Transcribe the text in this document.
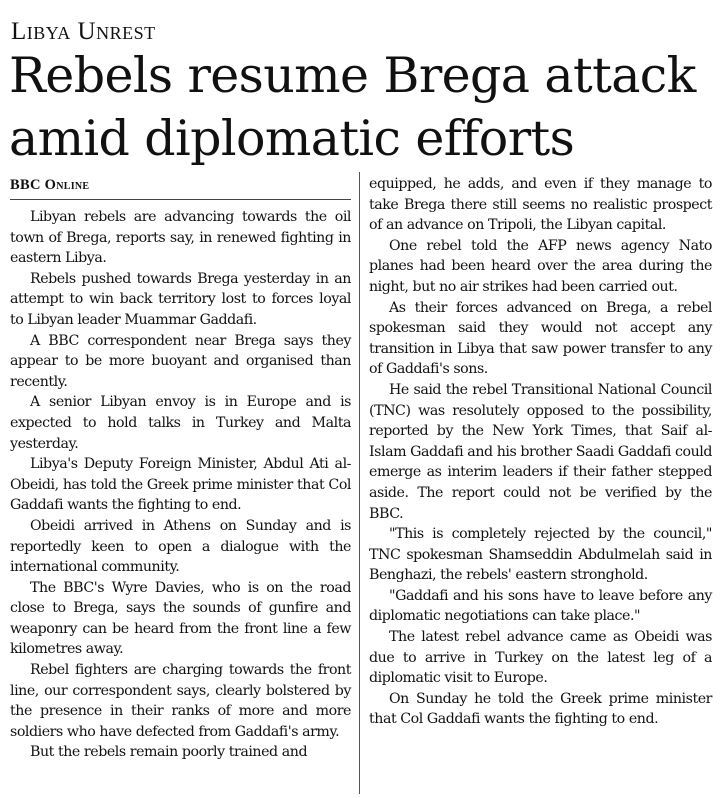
Libya Unrest
Rebels resume Brega attack
amid diplomatic efforts
BBC Online

Libyan rebels are advancing towards the oil town of Brega, reports say, in renewed fighting in eastern Libya.

Rebels pushed towards Brega yesterday in an attempt to win back territory lost to forces loyal to Libyan leader Muammar Gaddafi.

A BBC correspondent near Brega says they appear to be more buoyant and organised than recently.

A senior Libyan envoy is in Europe and is expected to hold talks in Turkey and Malta yesterday.

Libya's Deputy Foreign Minister, Abdul Ati al-Obeidi, has told the Greek prime minister that Col Gaddafi wants the fighting to end.

Obeidi arrived in Athens on Sunday and is reportedly keen to open a dialogue with the international community.

The BBC's Wyre Davies, who is on the road close to Brega, says the sounds of gunfire and weaponry can be heard from the front line a few kilometres away.

Rebel fighters are charging towards the front line, our correspondent says, clearly bolstered by the presence in their ranks of more and more soldiers who have defected from Gaddafi's army.

But the rebels remain poorly trained and

equipped, he adds, and even if they manage to take Brega there still seems no realistic prospect of an advance on Tripoli, the Libyan capital.

One rebel told the AFP news agency Nato planes had been heard over the area during the night, but no air strikes had been carried out.

As their forces advanced on Brega, a rebel spokesman said they would not accept any transition in Libya that saw power transfer to any of Gaddafi's sons.

He said the rebel Transitional National Council (TNC) was resolutely opposed to the possibility, reported by the New York Times, that Saif al-Islam Gaddafi and his brother Saadi Gaddafi could emerge as interim leaders if their father stepped aside. The report could not be verified by the BBC.

"This is completely rejected by the council," TNC spokesman Shamseddin Abdulmelah said in Benghazi, the rebels' eastern stronghold.

"Gaddafi and his sons have to leave before any diplomatic negotiations can take place."

The latest rebel advance came as Obeidi was due to arrive in Turkey on the latest leg of a diplomatic visit to Europe.

On Sunday he told the Greek prime minister that Col Gaddafi wants the fighting to end.
